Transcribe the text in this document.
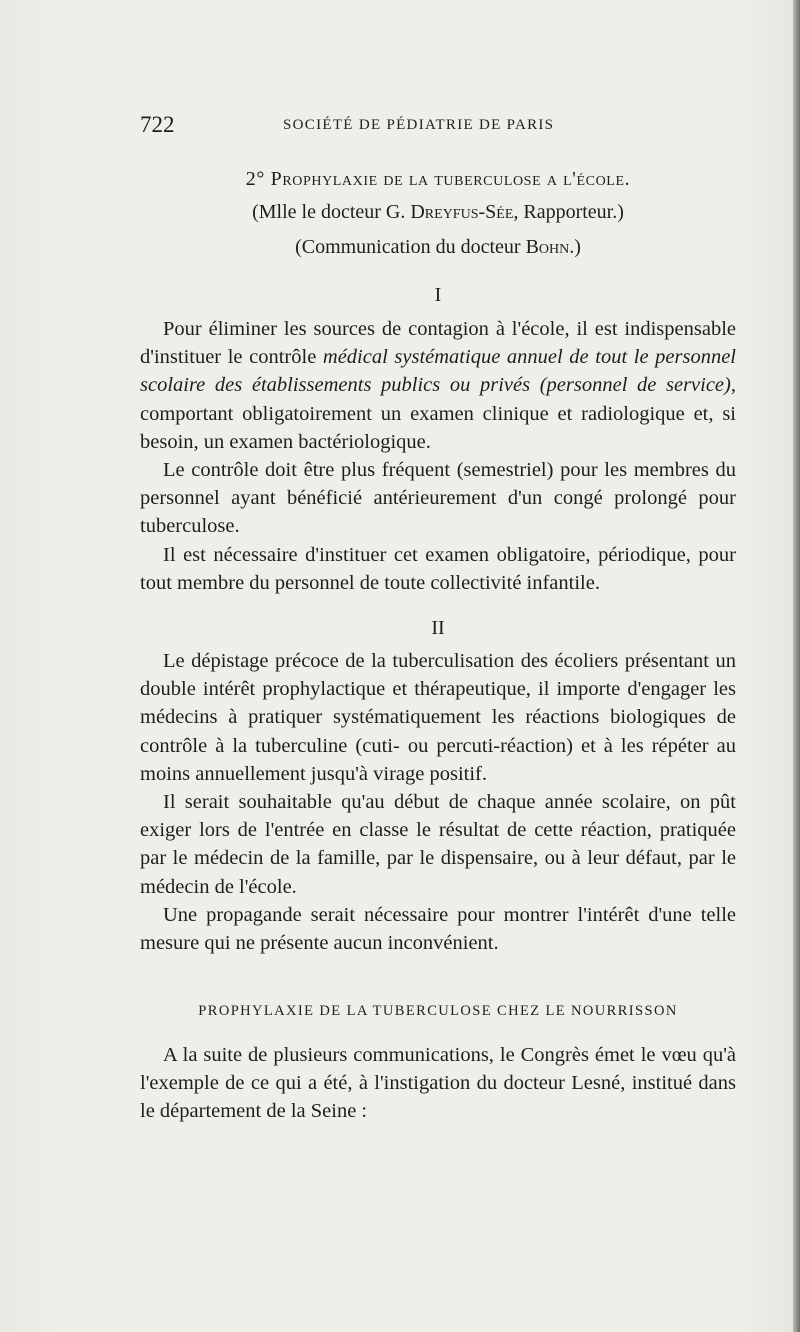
722	SOCIÉTÉ DE PÉDIATRIE DE PARIS
2° Prophylaxie de la tuberculose a l'école.
(Mlle le docteur G. Dreyfus-Sée, Rapporteur.)
(Communication du docteur Bohn.)
I

Pour éliminer les sources de contagion à l'école, il est indispensable d'instituer le contrôle médical systématique annuel de tout le personnel scolaire des établissements publics ou privés (personnel de service), comportant obligatoirement un examen clinique et radiologique et, si besoin, un examen bactériologique.

Le contrôle doit être plus fréquent (semestriel) pour les membres du personnel ayant bénéficié antérieurement d'un congé prolongé pour tuberculose.

Il est nécessaire d'instituer cet examen obligatoire, périodique, pour tout membre du personnel de toute collectivité infantile.

II

Le dépistage précoce de la tuberculisation des écoliers présentant un double intérêt prophylactique et thérapeutique, il importe d'engager les médecins à pratiquer systématiquement les réactions biologiques de contrôle à la tuberculine (cuti- ou percuti-réaction) et à les répéter au moins annuellement jusqu'à virage positif.

Il serait souhaitable qu'au début de chaque année scolaire, on pût exiger lors de l'entrée en classe le résultat de cette réaction, pratiquée par le médecin de la famille, par le dispensaire, ou à leur défaut, par le médecin de l'école.

Une propagande serait nécessaire pour montrer l'intérêt d'une telle mesure qui ne présente aucun inconvénient.

PROPHYLAXIE DE LA TUBERCULOSE CHEZ LE NOURRISSON

A la suite de plusieurs communications, le Congrès émet le vœu qu'à l'exemple de ce qui a été, à l'instigation du docteur Lesné, institué dans le département de la Seine :
